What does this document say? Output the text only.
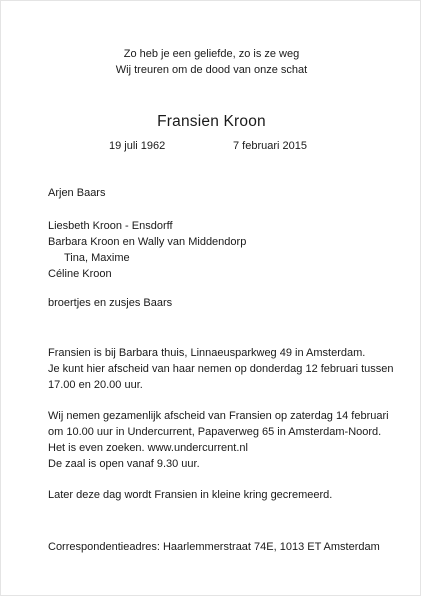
Zo heb je een geliefde, zo is ze weg
Wij treuren om de dood van onze schat
Fransien Kroon
19 juli 1962	7 februari 2015
Arjen Baars
Liesbeth Kroon - Ensdorff
Barbara Kroon en Wally van Middendorp
Tina, Maxime
Céline Kroon
broertjes en zusjes Baars
Fransien is bij Barbara thuis, Linnaeusparkweg 49 in Amsterdam.
Je kunt hier afscheid van haar nemen op donderdag 12 februari tussen
17.00 en 20.00 uur.
Wij nemen gezamenlijk afscheid van Fransien op zaterdag 14 februari
om 10.00 uur in Undercurrent, Papaverweg 65 in Amsterdam-Noord.
Het is even zoeken. www.undercurrent.nl
De zaal is open vanaf 9.30 uur.
Later deze dag wordt Fransien in kleine kring gecremeerd.
Correspondentieadres: Haarlemmerstraat 74E, 1013 ET Amsterdam
